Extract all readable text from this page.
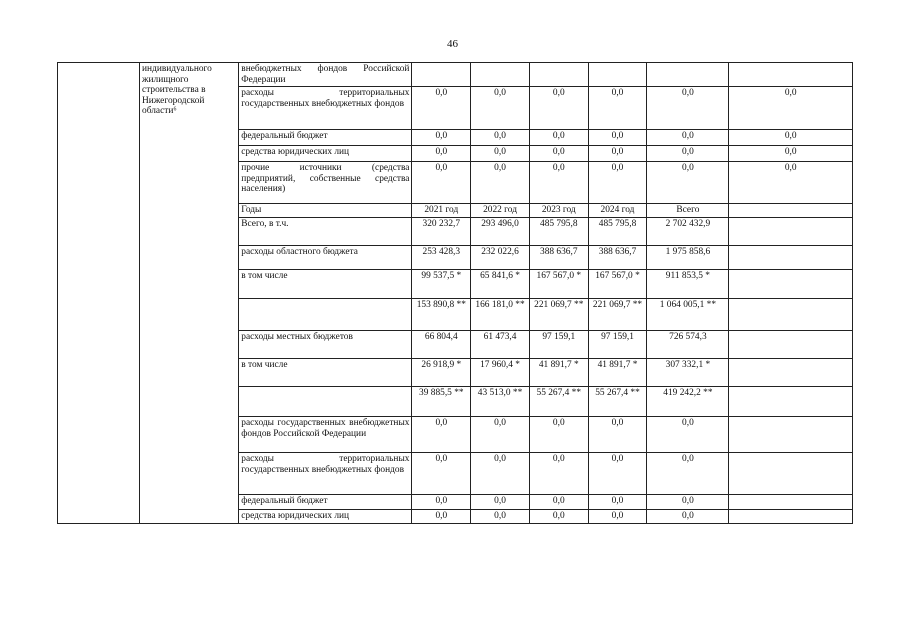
46
	индивидуального жилищного строительства в Нижегородской области⁶	внебюджетных фондов Российской Федерации						
		расходы территориальных государственных внебюджетных фондов	0,0	0,0	0,0	0,0	0,0	0,0
		федеральный бюджет	0,0	0,0	0,0	0,0	0,0	0,0
		средства юридических лиц	0,0	0,0	0,0	0,0	0,0	0,0
		прочие источники (средства предприятий, собственные средства населения)	0,0	0,0	0,0	0,0	0,0	0,0
		Годы	2021 год	2022 год	2023 год	2024 год	Всего	
		Всего, в т.ч.	320 232,7	293 496,0	485 795,8	485 795,8	2 702 432,9	
		расходы областного бюджета	253 428,3	232 022,6	388 636,7	388 636,7	1 975 858,6	
		в том числе	99 537,5 *	65 841,6 *	167 567,0 *	167 567,0 *	911 853,5 *	
			153 890,8 **	166 181,0 **	221 069,7 **	221 069,7 **	1 064 005,1 **	
		расходы местных бюджетов	66 804,4	61 473,4	97 159,1	97 159,1	726 574,3	
		в том числе	26 918,9 *	17 960,4 *	41 891,7 *	41 891,7 *	307 332,1 *	
			39 885,5 **	43 513,0 **	55 267,4 **	55 267,4 **	419 242,2 **	
		расходы государственных внебюджетных фондов Российской Федерации	0,0	0,0	0,0	0,0	0,0	
		расходы территориальных государственных внебюджетных фондов	0,0	0,0	0,0	0,0	0,0	
		федеральный бюджет	0,0	0,0	0,0	0,0	0,0	
		средства юридических лиц	0,0	0,0	0,0	0,0	0,0	
